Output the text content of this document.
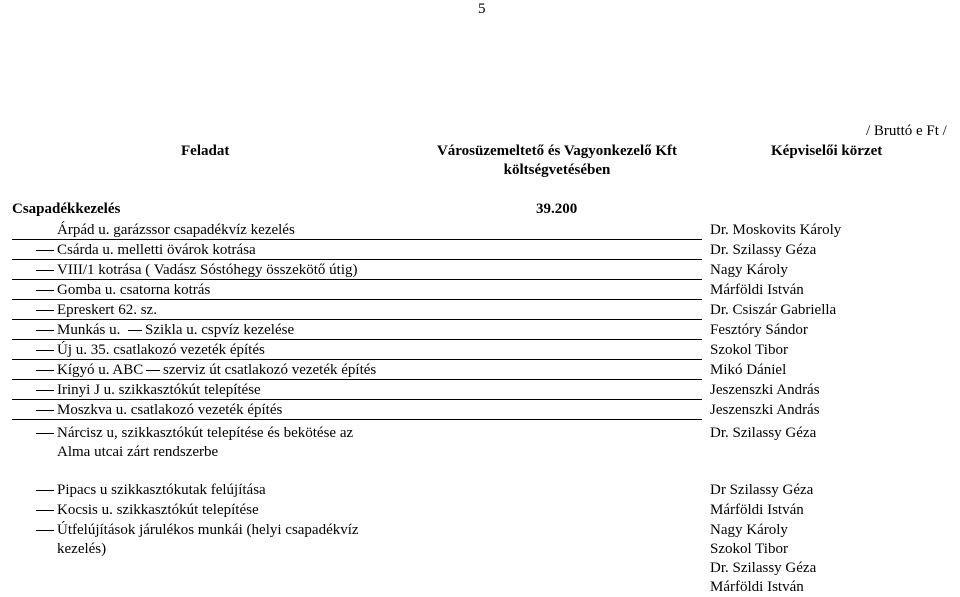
5
/ Bruttó e Ft /
Feladat	Városüzemeltető és Vagyonkezelő Kft
költségvetésében
Képviselői körzet
Csapadékkezelés	39.200
Árpád u. garázssor csapadékvíz kezelés	Dr. Moskovits Károly
Csárda u. melletti övárok kotrása	Dr. Szilassy Géza
VIII/1 kotrása ( Vadász Sóstóhegy összekötő útig)	Nagy Károly
Gomba u. csatorna kotrás	Márföldi István
Epreskert 62. sz.	Dr. Csiszár Gabriella
Munkás u. Szikla u. cspvíz kezelése	Fesztóry Sándor
Új u. 35. csatlakozó vezeték építés	Szokol Tibor
Kígyó u. ABC szerviz út csatlakozó vezeték építés	Mikó Dániel
Irinyi J u. szikkasztókút telepítése	Jeszenszki András
Moszkva u. csatlakozó vezeték építés	Jeszenszki András
Nárcisz u, szikkasztókút telepítése és bekötése az
Alma utcai zárt rendszerbe
Dr. Szilassy Géza
Pipacs u szikkasztókutak felújítása	Dr Szilassy Géza
Kocsis u. szikkasztókút telepítése	Márföldi István
Útfelújítások járulékos munkái (helyi csapadékvíz
kezelés)
Nagy Károly
Szokol Tibor
Dr. Szilassy Géza
Márföldi István
